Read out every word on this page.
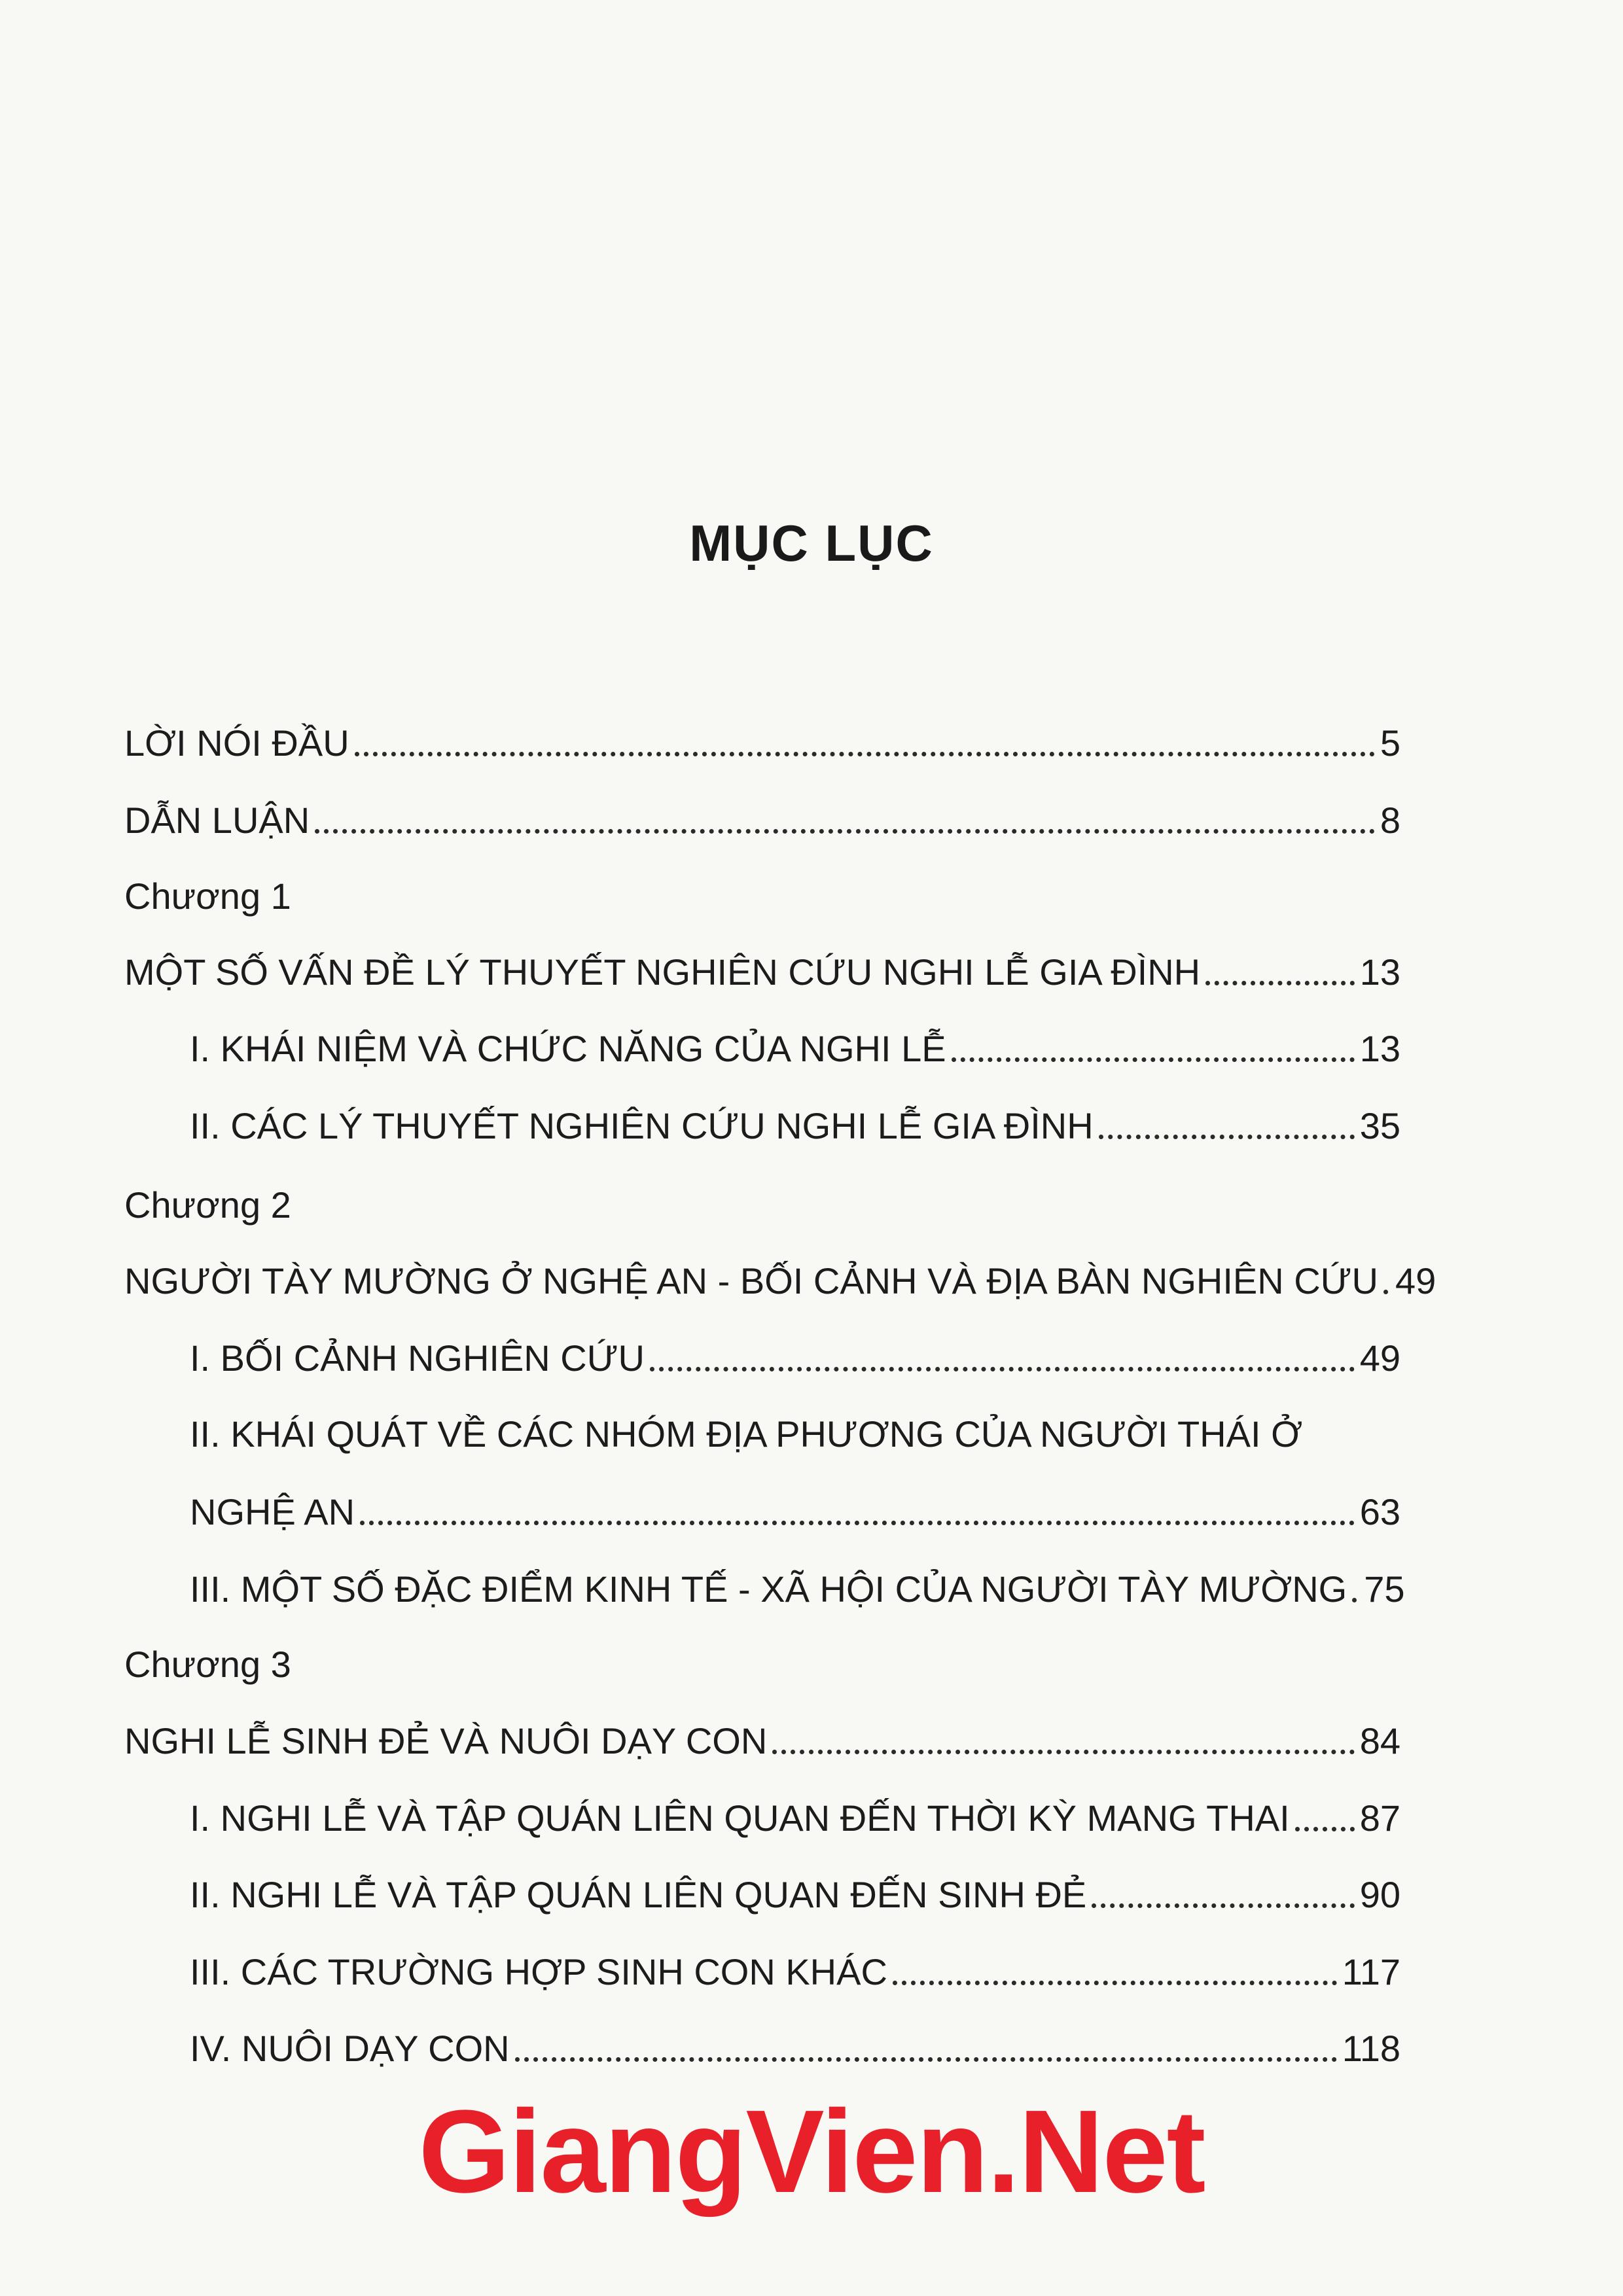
MỤC LỤC
LỜI NÓI ĐẦU	5
DẪN LUẬN	8
Chương 1
MỘT SỐ VẤN ĐỀ LÝ THUYẾT NGHIÊN CỨU NGHI LỄ GIA ĐÌNH	13
I. KHÁI NIỆM VÀ CHỨC NĂNG CỦA NGHI LỄ	13
II. CÁC LÝ THUYẾT NGHIÊN CỨU NGHI LỄ GIA ĐÌNH	35
Chương 2
NGƯỜI TÀY MƯỜNG Ở NGHỆ AN - BỐI CẢNH VÀ ĐỊA BÀN NGHIÊN CỨU 49
I. BỐI CẢNH NGHIÊN CỨU	49
II. KHÁI QUÁT VỀ CÁC NHÓM ĐỊA PHƯƠNG CỦA NGƯỜI THÁI Ở
NGHỆ AN	63
III. MỘT SỐ ĐẶC ĐIỂM KINH TẾ - XÃ HỘI CỦA NGƯỜI TÀY MƯỜNG 75
Chương 3
NGHI LỄ SINH ĐẺ VÀ NUÔI DẠY CON	84
I. NGHI LỄ VÀ TẬP QUÁN LIÊN QUAN ĐẾN THỜI KỲ MANG THAI 87
II. NGHI LỄ VÀ TẬP QUÁN LIÊN QUAN ĐẾN SINH ĐẺ	90
III. CÁC TRƯỜNG HỢP SINH CON KHÁC	117
IV. NUÔI DẠY CON	118
GiangVien.Net
